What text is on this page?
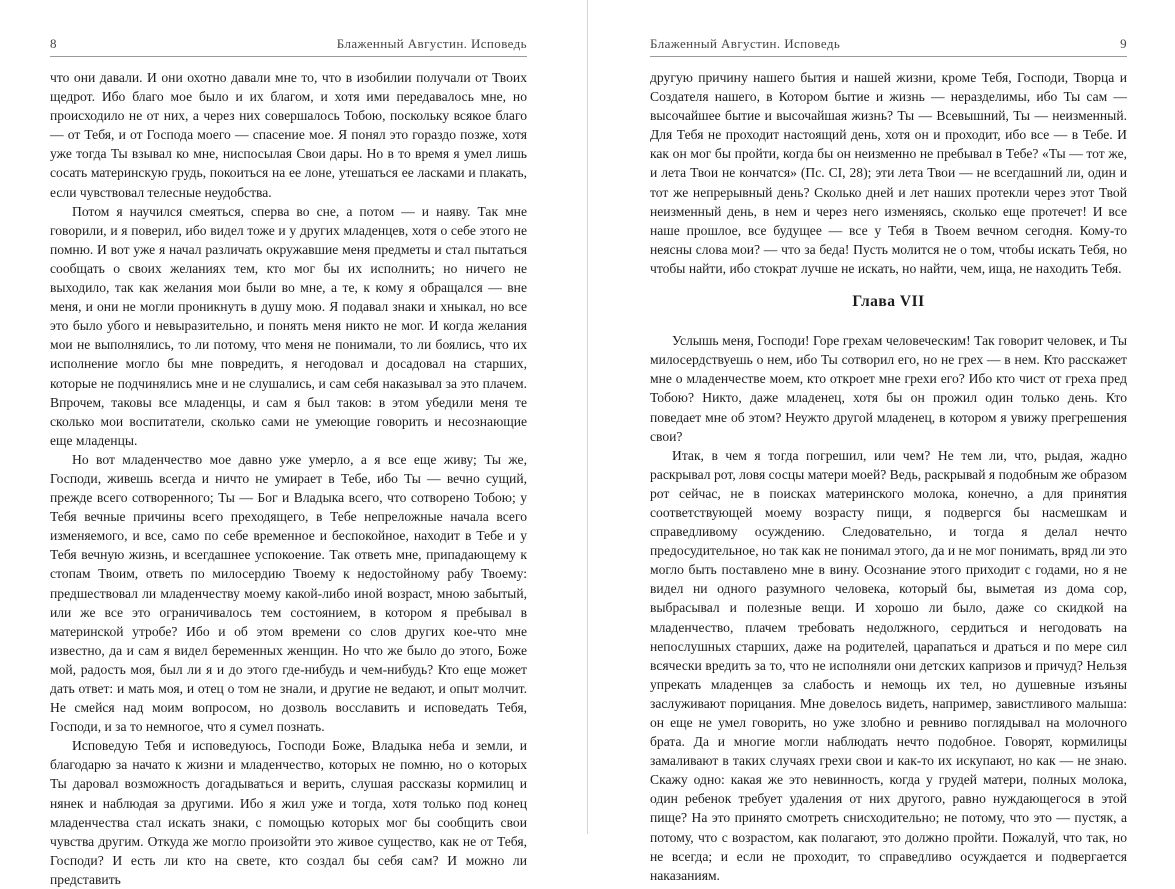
8	Блаженный Августин. Исповедь

что они давали. И они охотно давали мне то, что в изобилии получали от Твоих щедрот. Ибо благо мое было и их благом, и хотя ими передавалось мне, но происходило не от них, а через них совершалось Тобою, поскольку всякое благо — от Тебя, и от Господа моего — спасение мое. Я понял это гораздо позже, хотя уже тогда Ты взывал ко мне, ниспосылая Свои дары. Но в то время я умел лишь сосать материнскую грудь, покоиться на ее лоне, утешаться ее ласками и плакать, если чувствовал телесные неудобства.

Потом я научился смеяться, сперва во сне, а потом — и наяву. Так мне говорили, и я поверил, ибо видел тоже и у других младенцев, хотя о себе этого не помню. И вот уже я начал различать окружавшие меня предметы и стал пытаться сообщать о своих желаниях тем, кто мог бы их исполнить; но ничего не выходило, так как желания мои были во мне, а те, к кому я обращался — вне меня, и они не могли проникнуть в душу мою. Я подавал знаки и хныкал, но все это было убого и невыразительно, и понять меня никто не мог. И когда желания мои не выполнялись, то ли потому, что меня не понимали, то ли боялись, что их исполнение могло бы мне повредить, я негодовал и досадовал на старших, которые не подчинялись мне и не слушались, и сам себя наказывал за это плачем. Впрочем, таковы все младенцы, и сам я был таков: в этом убедили меня те сколько мои воспитатели, сколько сами не умеющие говорить и несознающие еще младенцы.

Но вот младенчество мое давно уже умерло, а я все еще живу; Ты же, Господи, живешь всегда и ничто не умирает в Тебе, ибо Ты — вечно сущий, прежде всего сотворенного; Ты — Бог и Владыка всего, что сотворено Тобою; у Тебя вечные причины всего преходящего, в Тебе непреложные начала всего изменяемого, и все, само по себе временное и беспокойное, находит в Тебе и у Тебя вечную жизнь, и всегдашнее успокоение. Так ответь мне, припадающему к стопам Твоим, ответь по милосердию Твоему к недостойному рабу Твоему: предшествовал ли младенчеству моему какой-либо иной возраст, мною забытый, или же все это ограничивалось тем состоянием, в котором я пребывал в материнской утробе? Ибо и об этом времени со слов других кое-что мне известно, да и сам я видел беременных женщин. Но что же было до этого, Боже мой, радость моя, был ли я и до этого где-нибудь и чем-нибудь? Кто еще может дать ответ: и мать моя, и отец о том не знали, и другие не ведают, и опыт молчит. Не смейся над моим вопросом, но дозволь восславить и исповедать Тебя, Господи, и за то немногое, что я сумел познать.

Исповедую Тебя и исповедуюсь, Господи Боже, Владыка неба и земли, и благодарю за начато к жизни и младенчество, которых не помню, но о которых Ты даровал возможность догадываться и верить, слушая рассказы кормилиц и нянек и наблюдая за другими. Ибо я жил уже и тогда, хотя только под конец младенчества стал искать знаки, с помощью которых мог бы сообщить свои чувства другим. Откуда же могло произойти это живое существо, как не от Тебя, Господи? И есть ли кто на свете, кто создал бы себя сам? И можно ли представить

Блаженный Августин. Исповедь	9

другую причину нашего бытия и нашей жизни, кроме Тебя, Господи, Творца и Создателя нашего, в Котором бытие и жизнь — неразделимы, ибо Ты сам — высочайшее бытие и высочайшая жизнь? Ты — Всевышний, Ты — неизменный. Для Тебя не проходит настоящий день, хотя он и проходит, ибо все — в Тебе. И как он мог бы пройти, когда бы он неизменно не пребывал в Тебе? «Ты — тот же, и лета Твои не кончатся» (Пс. CI, 28); эти лета Твои — не всегдашний ли, один и тот же непрерывный день? Сколько дней и лет наших протекли через этот Твой неизменный день, в нем и через него изменяясь, сколько еще протечет! И все наше прошлое, все будущее — все у Тебя в Твоем вечном сегодня. Кому-то неясны слова мои? — что за беда! Пусть молится не о том, чтобы искать Тебя, но чтобы найти, ибо стократ лучше не искать, но найти, чем, ища, не находить Тебя.

Глава VII

Услышь меня, Господи! Горе грехам человеческим! Так говорит человек, и Ты милосердствуешь о нем, ибо Ты сотворил его, но не грех — в нем. Кто расскажет мне о младенчестве моем, кто откроет мне грехи его? Ибо кто чист от греха пред Тобою? Никто, даже младенец, хотя бы он прожил один только день. Кто поведает мне об этом? Неужто другой младенец, в котором я увижу прегрешения свои?

Итак, в чем я тогда погрешил, или чем? Не тем ли, что, рыдая, жадно раскрывал рот, ловя сосцы матери моей? Ведь, раскрывай я подобным же образом рот сейчас, не в поисках материнского молока, конечно, а для принятия соответствующей моему возрасту пищи, я подвергся бы насмешкам и справедливому осуждению. Следовательно, и тогда я делал нечто предосудительное, но так как не понимал этого, да и не мог понимать, вряд ли это могло быть поставлено мне в вину. Осознание этого приходит с годами, но я не видел ни одного разумного человека, который бы, выметая из дома сор, выбрасывал и полезные вещи. И хорошо ли было, даже со скидкой на младенчество, плачем требовать недолжного, сердиться и негодовать на непослушных старших, даже на родителей, царапаться и драться и по мере сил всячески вредить за то, что не исполняли они детских капризов и причуд? Нельзя упрекать младенцев за слабость и немощь их тел, но душевные изъяны заслуживают порицания. Мне довелось видеть, например, завистливого малыша: он еще не умел говорить, но уже злобно и ревниво поглядывал на молочного брата. Да и многие могли наблюдать нечто подобное. Говорят, кормилицы замаливают в таких случаях грехи свои и как-то их искупают, но как — не знаю. Скажу одно: какая же это невинность, когда у грудей матери, полных молока, один ребенок требует удаления от них другого, равно нуждающегося в этой пище? На это принято смотреть снисходительно; не потому, что это — пустяк, а потому, что с возрастом, как полагают, это должно пройти. Пожалуй, что так, но не всегда; и если не проходит, то справедливо осуждается и подвергается наказаниям.
